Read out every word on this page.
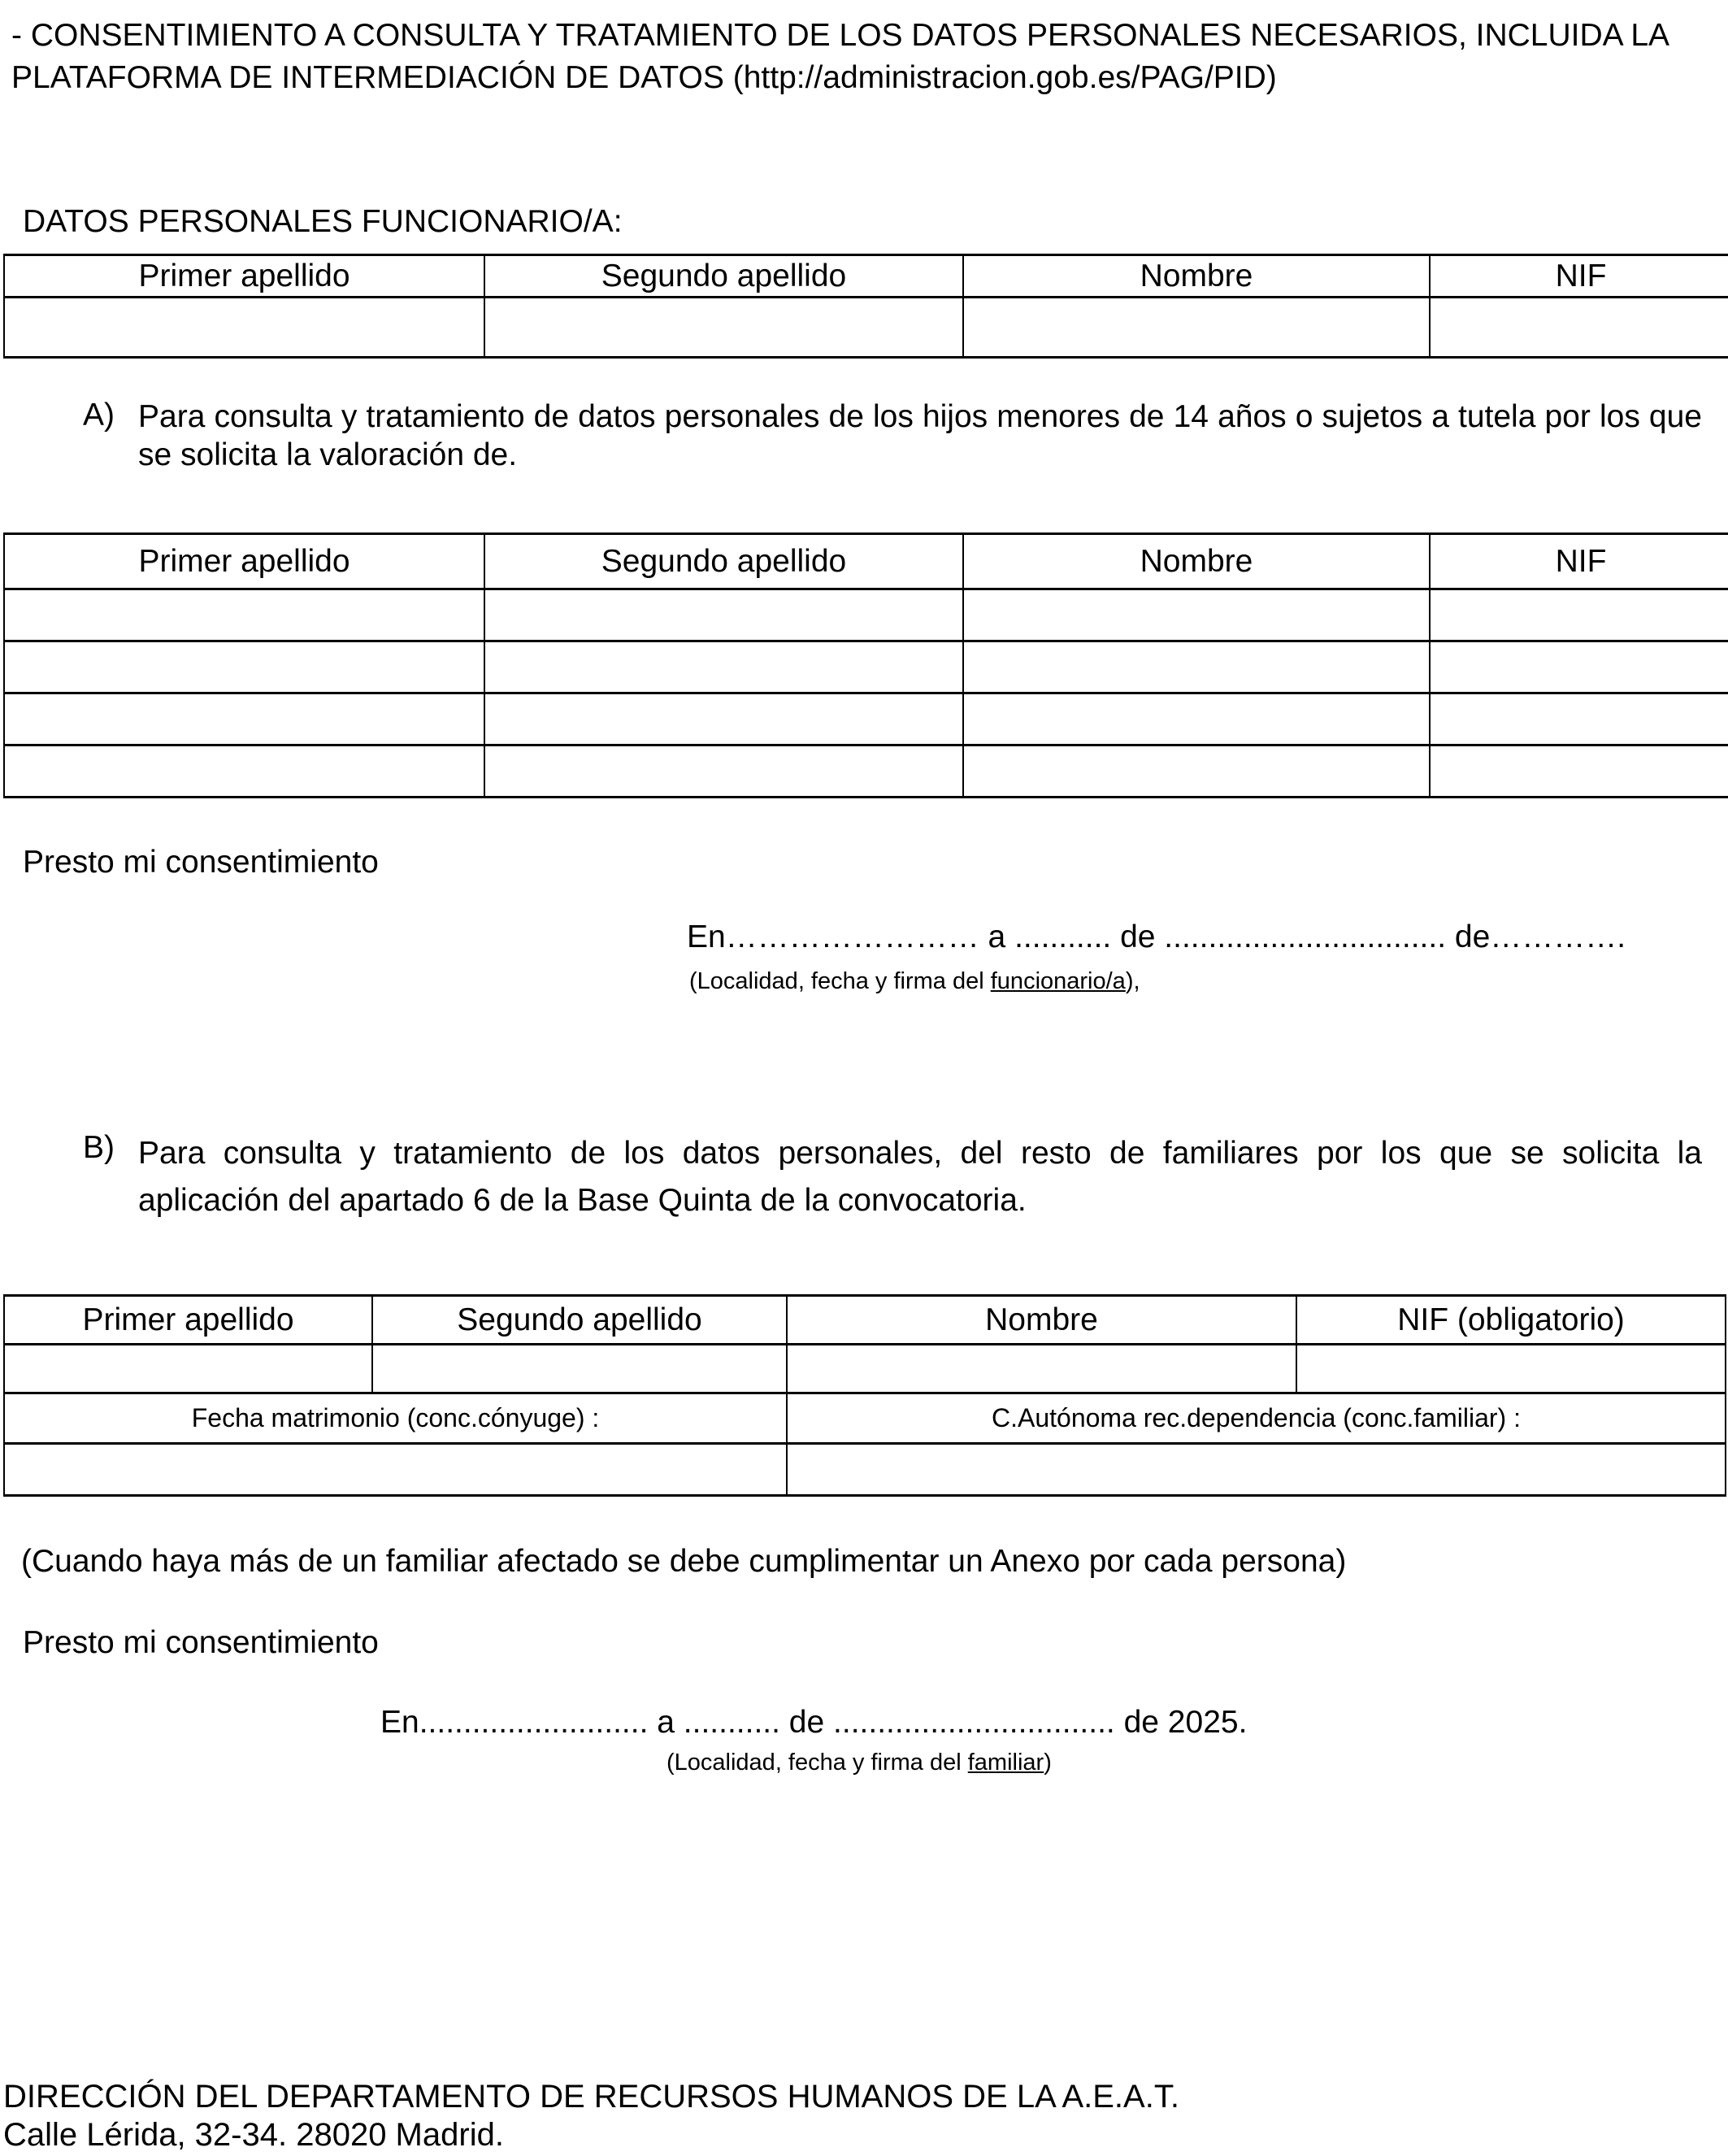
- CONSENTIMIENTO A CONSULTA Y TRATAMIENTO DE LOS DATOS PERSONALES NECESARIOS, INCLUIDA LA PLATAFORMA DE INTERMEDIACIÓN DE DATOS (http://administracion.gob.es/PAG/PID)
DATOS PERSONALES FUNCIONARIO/A:
Primer apellido	Segundo apellido	Nombre	NIF

A) Para consulta y tratamiento de datos personales de los hijos menores de 14 años o sujetos a tutela por los que
se solicita la valoración de.
Primer apellido	Segundo apellido	Nombre	NIF

Presto mi consentimiento
En…………………… a ........... de ................................ de………….
(Localidad, fecha y firma del funcionario/a),
B) Para consulta y tratamiento de los datos personales, del resto de familiares por los que se solicita la
aplicación del apartado 6 de la Base Quinta de la convocatoria.
Primer apellido	Segundo apellido	Nombre	NIF (obligatorio)

Fecha matrimonio (conc.cónyuge) :		C.Autónoma rec.dependencia (conc.familiar) :	

(Cuando haya más de un familiar afectado se debe cumplimentar un Anexo por cada persona)
Presto mi consentimiento
En.......................... a ........... de ................................ de 2025.
(Localidad, fecha y firma del familiar)
DIRECCIÓN DEL DEPARTAMENTO DE RECURSOS HUMANOS DE LA A.E.A.T.
Calle Lérida, 32-34. 28020 Madrid.
